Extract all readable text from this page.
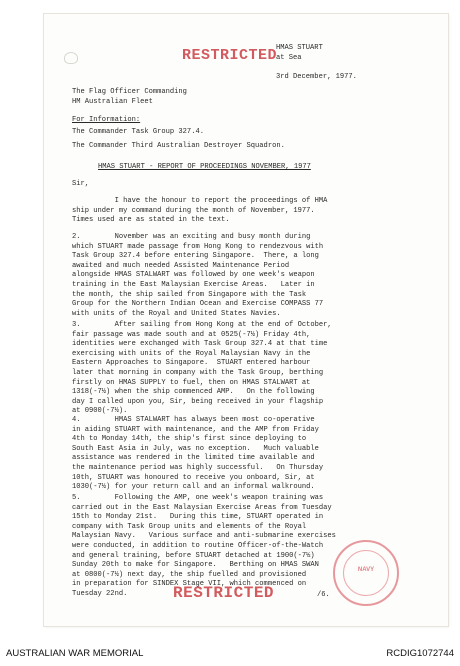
RESTRICTED
HMAS STUART
at Sea

3rd December, 1977.
The Flag Officer Commanding
HM Australian Fleet
For Information:
The Commander Task Group 327.4.
The Commander Third Australian Destroyer Squadron.
HMAS STUART - REPORT OF PROCEEDINGS NOVEMBER, 1977
Sir,
I have the honour to report the proceedings of HMA
ship under my command during the month of November, 1977.
Times used are as stated in the text.
2.        November was an exciting and busy month during
which STUART made passage from Hong Kong to rendezvous with
Task Group 327.4 before entering Singapore.  There, a long
awaited and much needed Assisted Maintenance Period
alongside HMAS STALWART was followed by one week's weapon
training in the East Malaysian Exercise Areas.   Later in
the month, the ship sailed from Singapore with the Task
Group for the Northern Indian Ocean and Exercise COMPASS 77
with units of the Royal and United States Navies.
3.        After sailing from Hong Kong at the end of October,
fair passage was made south and at 0525(-7½) Friday 4th,
identities were exchanged with Task Group 327.4 at that time
exercising with units of the Royal Malaysian Navy in the
Eastern Approaches to Singapore.  STUART entered harbour
later that morning in company with the Task Group, berthing
firstly on HMAS SUPPLY to fuel, then on HMAS STALWART at
1318(-7½) when the ship commenced AMP.   On the following
day I called upon you, Sir, being received in your flagship
at 0900(-7½).
4.        HMAS STALWART has always been most co-operative
in aiding STUART with maintenance, and the AMP from Friday
4th to Monday 14th, the ship's first since deploying to
South East Asia in July, was no exception.   Much valuable
assistance was rendered in the limited time available and
the maintenance period was highly successful.   On Thursday
10th, STUART was honoured to receive you onboard, Sir, at
1030(-7½) for your return call and an informal walkround.
5.        Following the AMP, one week's weapon training was
carried out in the East Malaysian Exercise Areas from Tuesday
15th to Monday 21st.   During this time, STUART operated in
company with Task Group units and elements of the Royal
Malaysian Navy.   Various surface and anti-submarine exercises
were conducted, in addition to routine Officer-of-the-Watch
and general training, before STUART detached at 1900(-7½)
Sunday 20th to make for Singapore.   Berthing on HMAS SWAN
at 0800(-7½) next day, the ship fuelled and provisioned
in preparation for SINDEX Stage VII, which commenced on
Tuesday 22nd.
NAVY
RESTRICTED	/6.
AUSTRALIAN WAR MEMORIAL	RCDIG1072744
